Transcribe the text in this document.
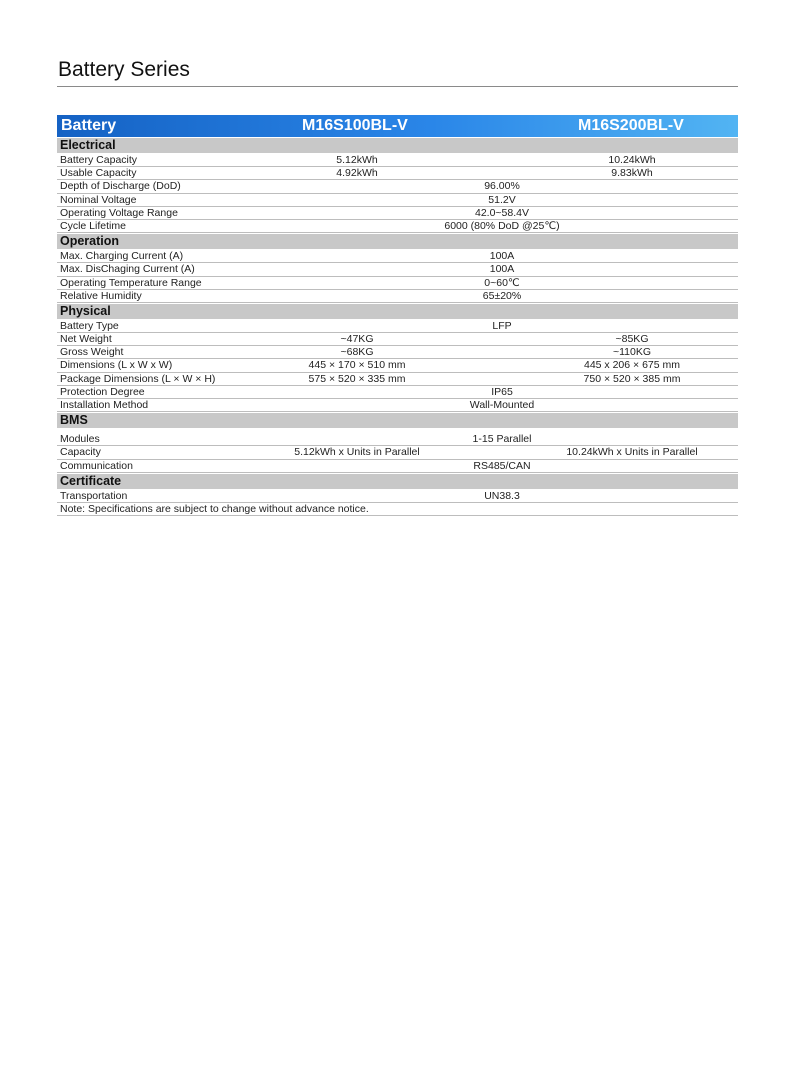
Battery Series
Battery	M16S100BL-V	M16S200BL-V
Electrical
Battery Capacity	5.12kWh	10.24kWh
Usable Capacity	4.92kWh	9.83kWh
Depth of Discharge (DoD)	96.00%
Nominal Voltage	51.2V
Operating Voltage Range	42.0~58.4V
Cycle Lifetime	6000 (80% DoD @25℃)
Operation
Max. Charging Current (A)	100A
Max. DisChaging Current (A)	100A
Operating Temperature Range	0~60℃
Relative Humidity	65±20%
Physical
Battery Type	LFP
Net Weight	~47KG	~85KG
Gross Weight	~68KG	~110KG
Dimensions (L x W x W)	445 × 170 × 510 mm	445 x 206 × 675 mm
Package Dimensions (L × W × H)	575 × 520 × 335 mm	750 × 520 × 385 mm
Protection Degree	IP65
Installation Method	Wall-Mounted
BMS
Modules	1-15 Parallel
Capacity	5.12kWh x Units in Parallel	10.24kWh x Units in Parallel
Communication	RS485/CAN
Certificate
Transportation	UN38.3
Note: Specifications are subject to change without advance notice.
